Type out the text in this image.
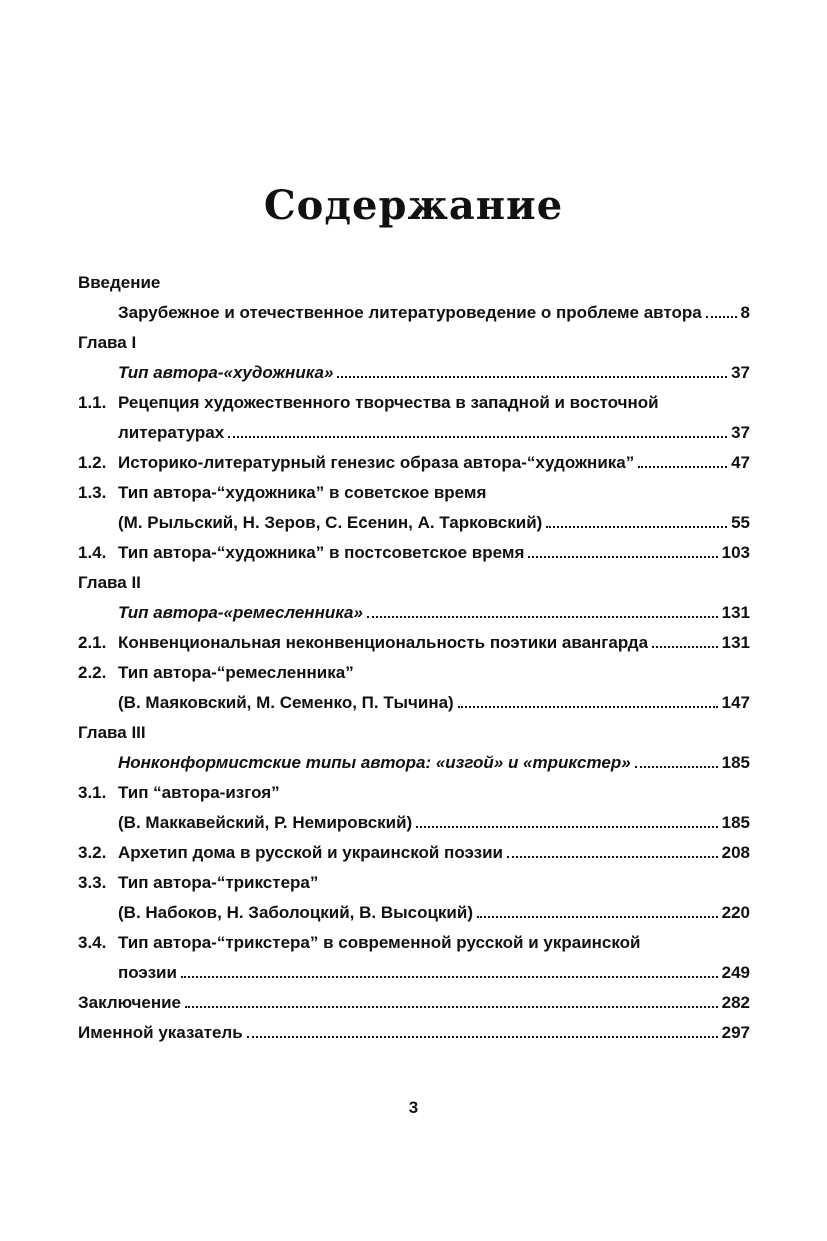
Содержание
Введение
Зарубежное и отечественное литературоведение о проблеме автора 8
Глава I
Тип автора-«художника»	37
1.1. Рецепция художественного творчества в западной и восточной
литературах	37
1.2. Историко-литературный генезис образа автора-“художника”	47
1.3. Тип автора-“художника” в советское время
(М. Рыльский, Н. Зеров, С. Есенин, А. Тарковский)	55
1.4. Тип автора-“художника” в постсоветское время	103
Глава II
Тип автора-«ремесленника»	131
2.1. Конвенциональная неконвенциональность поэтики авангарда	131
2.2. Тип автора-“ремесленника”
(В. Маяковский, М. Семенко, П. Тычина)	147
Глава III
Нонконформистские типы автора: «изгой» и «трикстер»	185
3.1. Тип “автора-изгоя”
(В. Маккавейский, Р. Немировский)	185
3.2. Архетип дома в русской и украинской поэзии	208
3.3. Тип автора-“трикстера”
(В. Набоков, Н. Заболоцкий, В. Высоцкий)	220
3.4. Тип автора-“трикстера” в современной русской и украинской
поэзии	249
Заключение	282
Именной указатель	297
3
